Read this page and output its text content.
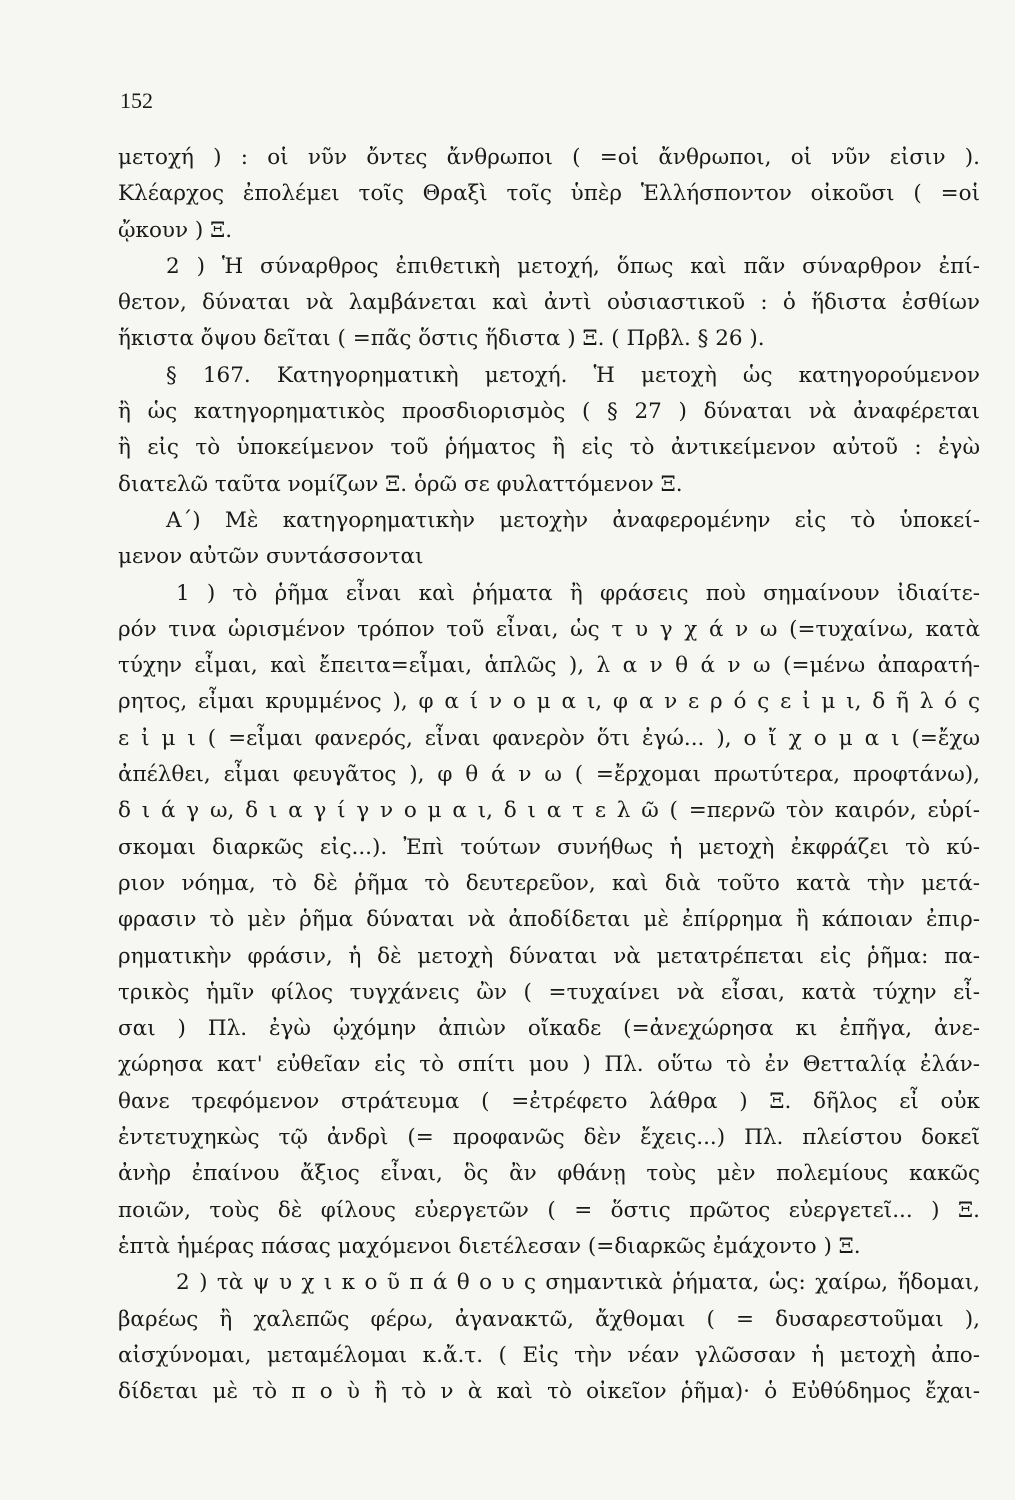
152
μετοχή ) : οἱ νῦν ὄντες ἄνθρωποι ( =οἱ ἄνθρωποι, οἱ νῦν εἰσιν ).
Κλέαρχος ἐπολέμει τοῖς Θραξὶ τοῖς ὑπὲρ Ἑλλήσποντον οἰκοῦσι ( =οἱ
ᾤκουν ) Ξ.
2 ) Ἡ σύναρθρος ἐπιθετικὴ μετοχή, ὅπως καὶ πᾶν σύναρθρον ἐπί-
θετον, δύναται νὰ λαμβάνεται καὶ ἀντὶ οὐσιαστικοῦ : ὁ ἥδιστα ἐσθίων
ἥκιστα ὄψου δεῖται ( =πᾶς ὅστις ἥδιστα ) Ξ. ( Πρβλ. § 26 ).
§ 167. Κατηγορηματικὴ μετοχή. Ἡ μετοχὴ ὡς κατηγορούμενον
ἢ ὡς κατηγορηματικὸς προσδιορισμὸς ( § 27 ) δύναται νὰ ἀναφέρεται
ἢ εἰς τὸ ὑποκείμενον τοῦ ῥήματος ἢ εἰς τὸ ἀντικείμενον αὐτοῦ : ἐγὼ
διατελῶ ταῦτα νομίζων Ξ. ὁρῶ σε φυλαττόμενον Ξ.
Α΄) Μὲ κατηγορηματικὴν μετοχὴν ἀναφερομένην εἰς τὸ ὑποκεί-
μενον αὐτῶν συντάσσονται
1 ) τὸ ῥῆμα εἶναι καὶ ῥήματα ἢ φράσεις ποὺ σημαίνουν ἰδιαίτε-
ρόν τινα ὡρισμένον τρόπον τοῦ εἶναι, ὡς τ υ γ χ ά ν ω (=τυχαίνω, κατὰ
τύχην εἶμαι, καὶ ἔπειτα=εἶμαι, ἁπλῶς ), λ α ν θ ά ν ω (=μένω ἀπαρατή-
ρητος, εἶμαι κρυμμένος ), φ α ί ν ο μ α ι, φ α ν ε ρ ό ς ε ἰ μ ι, δ ῆ λ ό ς
ε ἰ μ ι ( =εἶμαι φανερός, εἶναι φανερὸν ὅτι ἐγώ... ), ο ἴ χ ο μ α ι (=ἔχω
ἀπέλθει, εἶμαι φευγᾶτος ), φ θ ά ν ω ( =ἔρχομαι πρωτύτερα, προφτάνω),
δ ι ά γ ω, δ ι α γ ί γ ν ο μ α ι, δ ι α τ ε λ ῶ ( =περνῶ τὸν καιρόν, εὑρί-
σκομαι διαρκῶς εἰς...). Ἐπὶ τούτων συνήθως ἡ μετοχὴ ἐκφράζει τὸ κύ-
ριον νόημα, τὸ δὲ ῥῆμα τὸ δευτερεῦον, καὶ διὰ τοῦτο κατὰ τὴν μετά-
φρασιν τὸ μὲν ῥῆμα δύναται νὰ ἀποδίδεται μὲ ἐπίρρημα ἢ κάποιαν ἐπιρ-
ρηματικὴν φράσιν, ἡ δὲ μετοχὴ δύναται νὰ μετατρέπεται εἰς ῥῆμα: πα-
τρικὸς ἡμῖν φίλος τυγχάνεις ὢν ( =τυχαίνει νὰ εἶσαι, κατὰ τύχην εἶ-
σαι ) Πλ. ἐγὼ ᾠχόμην ἀπιὼν οἴκαδε (=ἀνεχώρησα κι ἐπῆγα, ἀνε-
χώρησα κατ' εὐθεῖαν εἰς τὸ σπίτι μου ) Πλ. οὕτω τὸ ἐν Θετταλίᾳ ἐλάν-
θανε τρεφόμενον στράτευμα ( =ἐτρέφετο λάθρα ) Ξ. δῆλος εἶ οὐκ
ἐντετυχηκὼς τῷ ἀνδρὶ (= προφανῶς δὲν ἔχεις...) Πλ. πλείστου δοκεῖ
ἀνὴρ ἐπαίνου ἄξιος εἶναι, ὃς ἂν φθάνῃ τοὺς μὲν πολεμίους κακῶς
ποιῶν, τοὺς δὲ φίλους εὐεργετῶν ( = ὅστις πρῶτος εὐεργετεῖ... ) Ξ.
ἑπτὰ ἡμέρας πάσας μαχόμενοι διετέλεσαν (=διαρκῶς ἐμάχοντο ) Ξ.
2 ) τὰ ψ υ χ ι κ ο ῦ π ά θ ο υ ς σημαντικὰ ῥήματα, ὡς: χαίρω, ἥδομαι,
βαρέως ἢ χαλεπῶς φέρω, ἀγανακτῶ, ἄχθομαι ( = δυσαρεστοῦμαι ),
αἰσχύνομαι, μεταμέλομαι κ.ἄ.τ. ( Εἰς τὴν νέαν γλῶσσαν ἡ μετοχὴ ἀπο-
δίδεται μὲ τὸ π ο ὺ ἢ τὸ ν ὰ καὶ τὸ οἰκεῖον ῥῆμα)· ὁ Εὐθύδημος ἔχαι-
